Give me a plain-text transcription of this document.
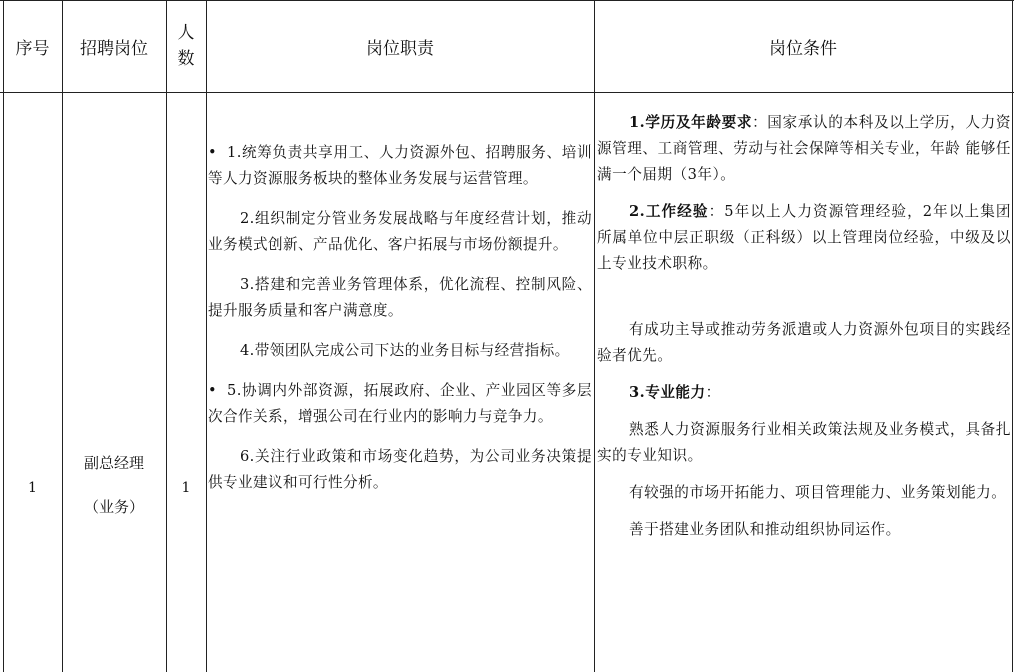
序号	招聘岗位
人
数
岗位职责	岗位条件
1
副总经理
（业务）
1

• 1.统筹负责共享用工、人力资源外包、招聘服务、培训等人力资源服务板块的整体业务发展与运营管理。

2.组织制定分管业务发展战略与年度经营计划，推动业务模式创新、产品优化、客户拓展与市场份额提升。

3.搭建和完善业务管理体系，优化流程、控制风险、提升服务质量和客户满意度。

4.带领团队完成公司下达的业务目标与经营指标。

• 5.协调内外部资源，拓展政府、企业、产业园区等多层次合作关系，增强公司在行业内的影响力与竞争力。

6.关注行业政策和市场变化趋势，为公司业务决策提供专业建议和可行性分析。

1.学历及年龄要求：国家承认的本科及以上学历，人力资源管理、工商管理、劳动与社会保障等相关专业，年龄 能够任满一个届期（3年）。

2.工作经验：5年以上人力资源管理经验，2年以上集团所属单位中层正职级（正科级）以上管理岗位经验，中级及以上专业技术职称。

有成功主导或推动劳务派遣或人力资源外包项目的实践经验者优先。

3.专业能力：

熟悉人力资源服务行业相关政策法规及业务模式，具备扎实的专业知识。

有较强的市场开拓能力、项目管理能力、业务策划能力。

善于搭建业务团队和推动组织协同运作。
